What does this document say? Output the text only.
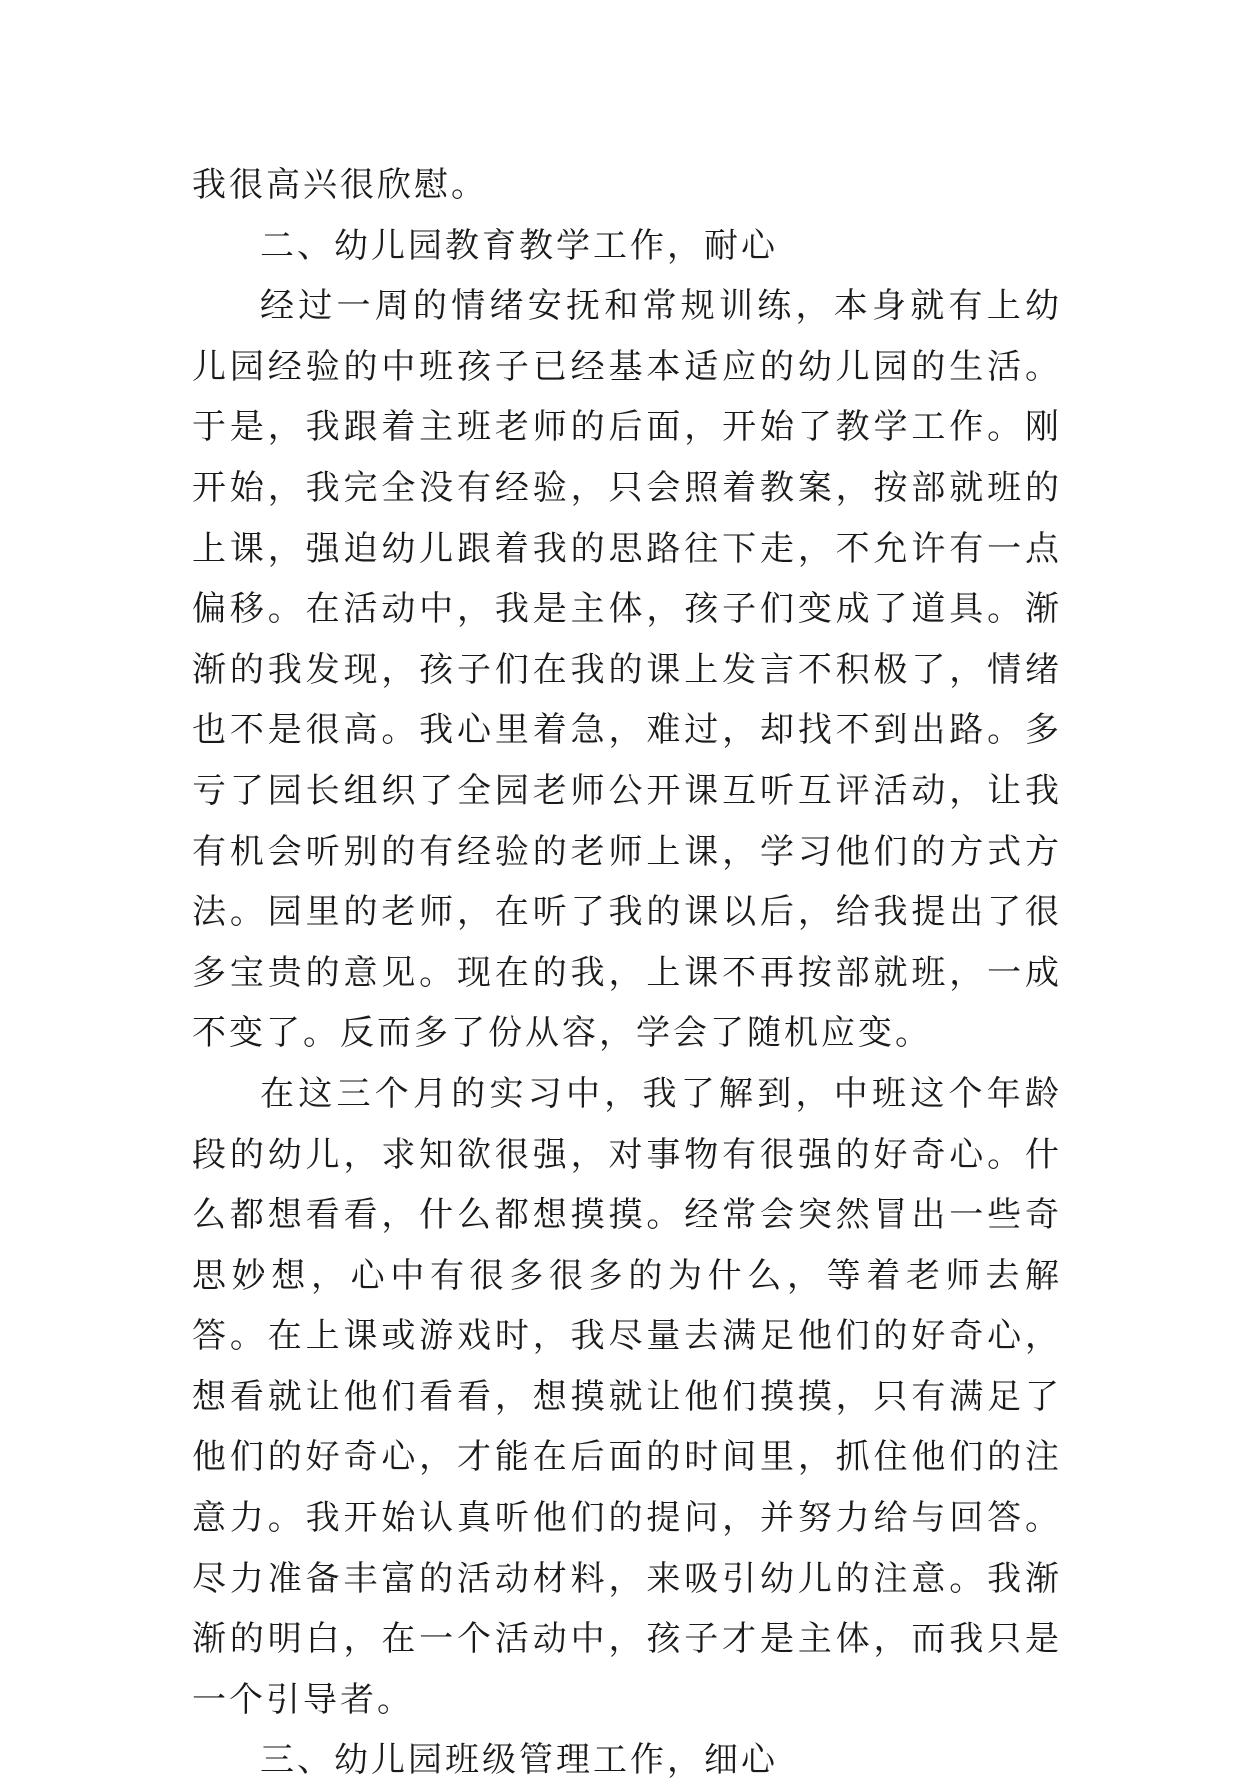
我很高兴很欣慰。

二、幼儿园教育教学工作，耐心

经过一周的情绪安抚和常规训练，本身就有上幼儿园经验的中班孩子已经基本适应的幼儿园的生活。于是，我跟着主班老师的后面，开始了教学工作。刚开始，我完全没有经验，只会照着教案，按部就班的上课，强迫幼儿跟着我的思路往下走，不允许有一点偏移。在活动中，我是主体，孩子们变成了道具。渐渐的我发现，孩子们在我的课上发言不积极了，情绪也不是很高。我心里着急，难过，却找不到出路。多亏了园长组织了全园老师公开课互听互评活动，让我有机会听别的有经验的老师上课，学习他们的方式方法。园里的老师，在听了我的课以后，给我提出了很多宝贵的意见。现在的我，上课不再按部就班，一成不变了。反而多了份从容，学会了随机应变。

在这三个月的实习中，我了解到，中班这个年龄段的幼儿，求知欲很强，对事物有很强的好奇心。什么都想看看，什么都想摸摸。经常会突然冒出一些奇思妙想，心中有很多很多的为什么，等着老师去解答。在上课或游戏时，我尽量去满足他们的好奇心，想看就让他们看看，想摸就让他们摸摸，只有满足了他们的好奇心，才能在后面的时间里，抓住他们的注意力。我开始认真听他们的提问，并努力给与回答。尽力准备丰富的活动材料，来吸引幼儿的注意。我渐渐的明白，在一个活动中，孩子才是主体，而我只是一个引导者。

三、幼儿园班级管理工作，细心
